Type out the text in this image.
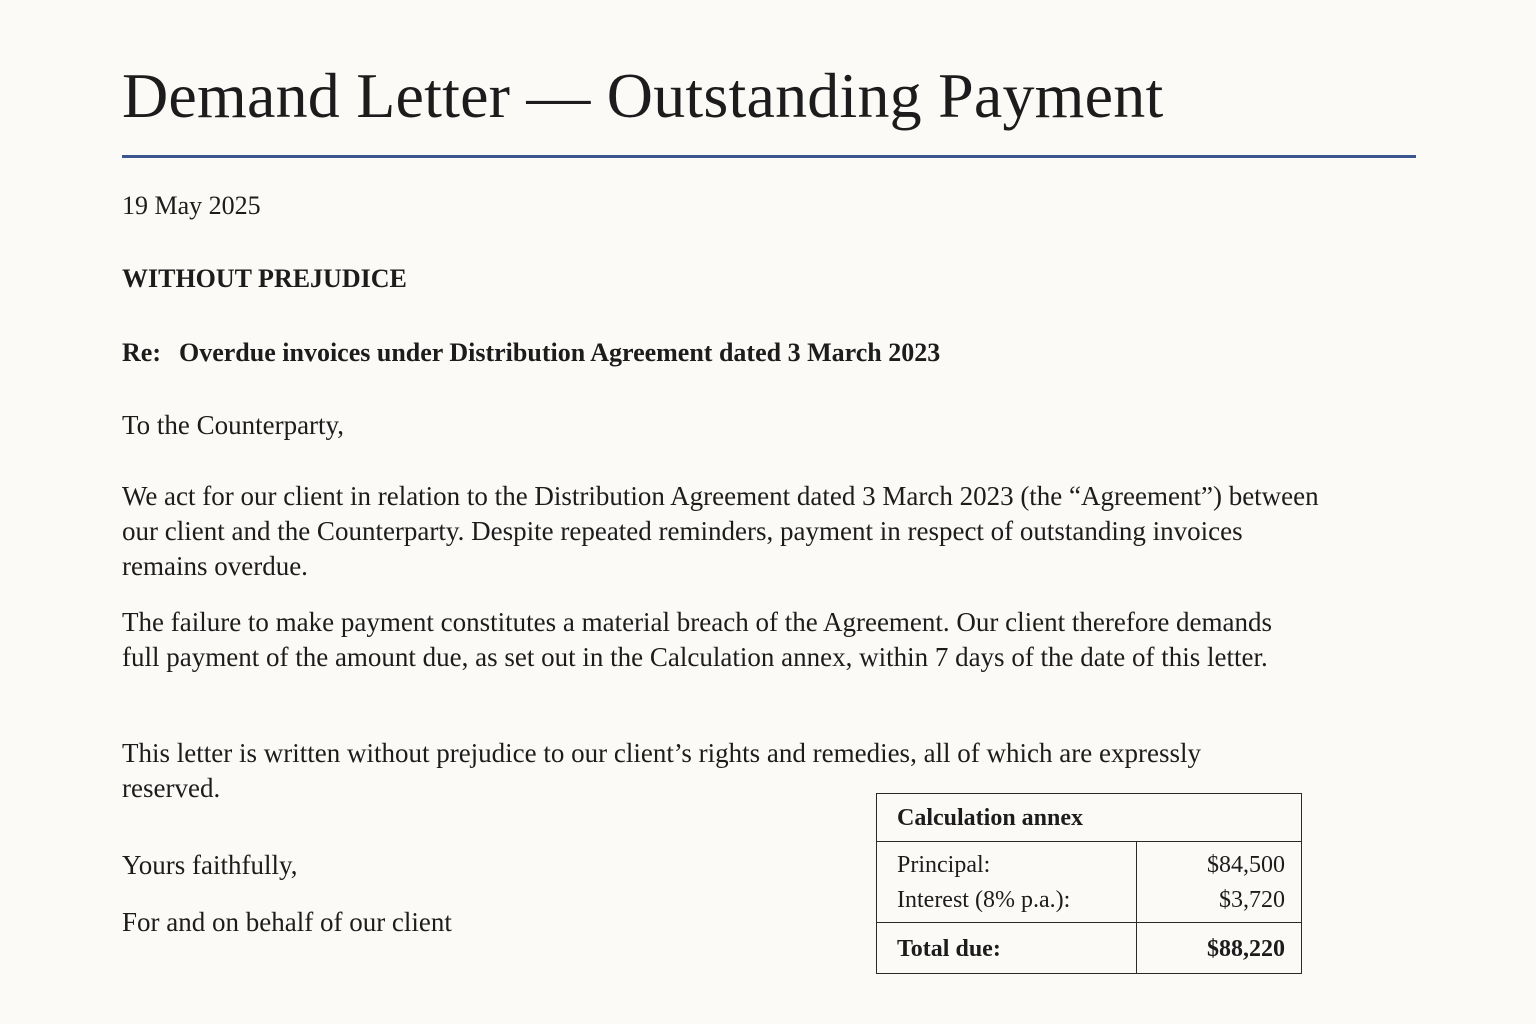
Demand Letter — Outstanding Payment
19 May 2025
WITHOUT PREJUDICE
Re: Overdue invoices under Distribution Agreement dated 3 March 2023
To the Counterparty,

We act for our client in relation to the Distribution Agreement dated 3 March 2023 (the “Agreement”) between our client and the Counterparty. Despite repeated reminders, payment in respect of outstanding invoices remains overdue.

The failure to make payment constitutes a material breach of the Agreement. Our client therefore demands full payment of the amount due, as set out in the Calculation annex, within 7 days of the date of this letter.

This letter is written without prejudice to our client’s rights and remedies, all of which are expressly reserved.

Yours faithfully,
For and on behalf of our client
Calculation annex
Principal:	$84,500
Interest (8% p.a.):	$3,720
Total due:	$88,220
